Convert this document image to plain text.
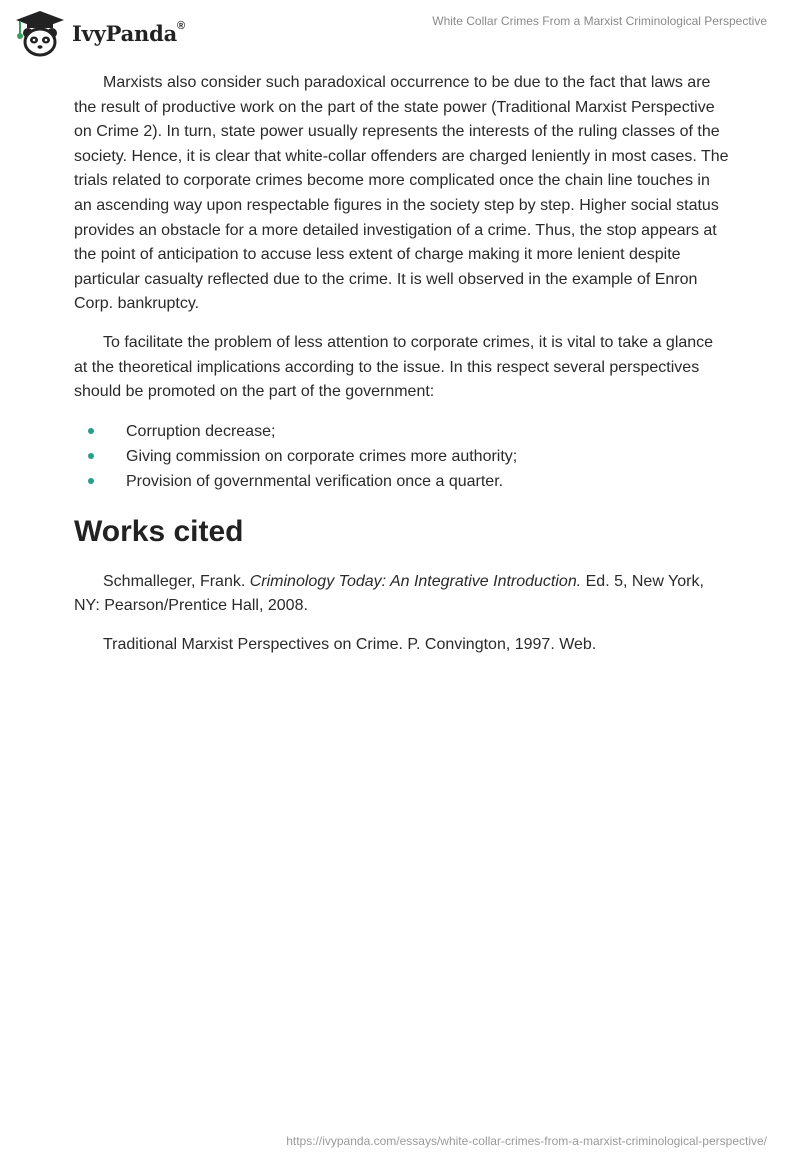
IvyPanda®	White Collar Crimes From a Marxist Criminological Perspective

Marxists also consider such paradoxical occurrence to be due to the fact that laws are the result of productive work on the part of the state power (Traditional Marxist Perspective on Crime 2). In turn, state power usually represents the interests of the ruling classes of the society. Hence, it is clear that white-collar offenders are charged leniently in most cases. The trials related to corporate crimes become more complicated once the chain line touches in an ascending way upon respectable figures in the society step by step. Higher social status provides an obstacle for a more detailed investigation of a crime. Thus, the stop appears at the point of anticipation to accuse less extent of charge making it more lenient despite particular casualty reflected due to the crime. It is well observed in the example of Enron Corp. bankruptcy.

To facilitate the problem of less attention to corporate crimes, it is vital to take a glance at the theoretical implications according to the issue. In this respect several perspectives should be promoted on the part of the government:

Corruption decrease;
Giving commission on corporate crimes more authority;
Provision of governmental verification once a quarter.
Works cited

Schmalleger, Frank. Criminology Today: An Integrative Introduction. Ed. 5, New York, NY: Pearson/Prentice Hall, 2008.

Traditional Marxist Perspectives on Crime. P. Convington, 1997. Web.

https://ivypanda.com/essays/white-collar-crimes-from-a-marxist-criminological-perspective/
